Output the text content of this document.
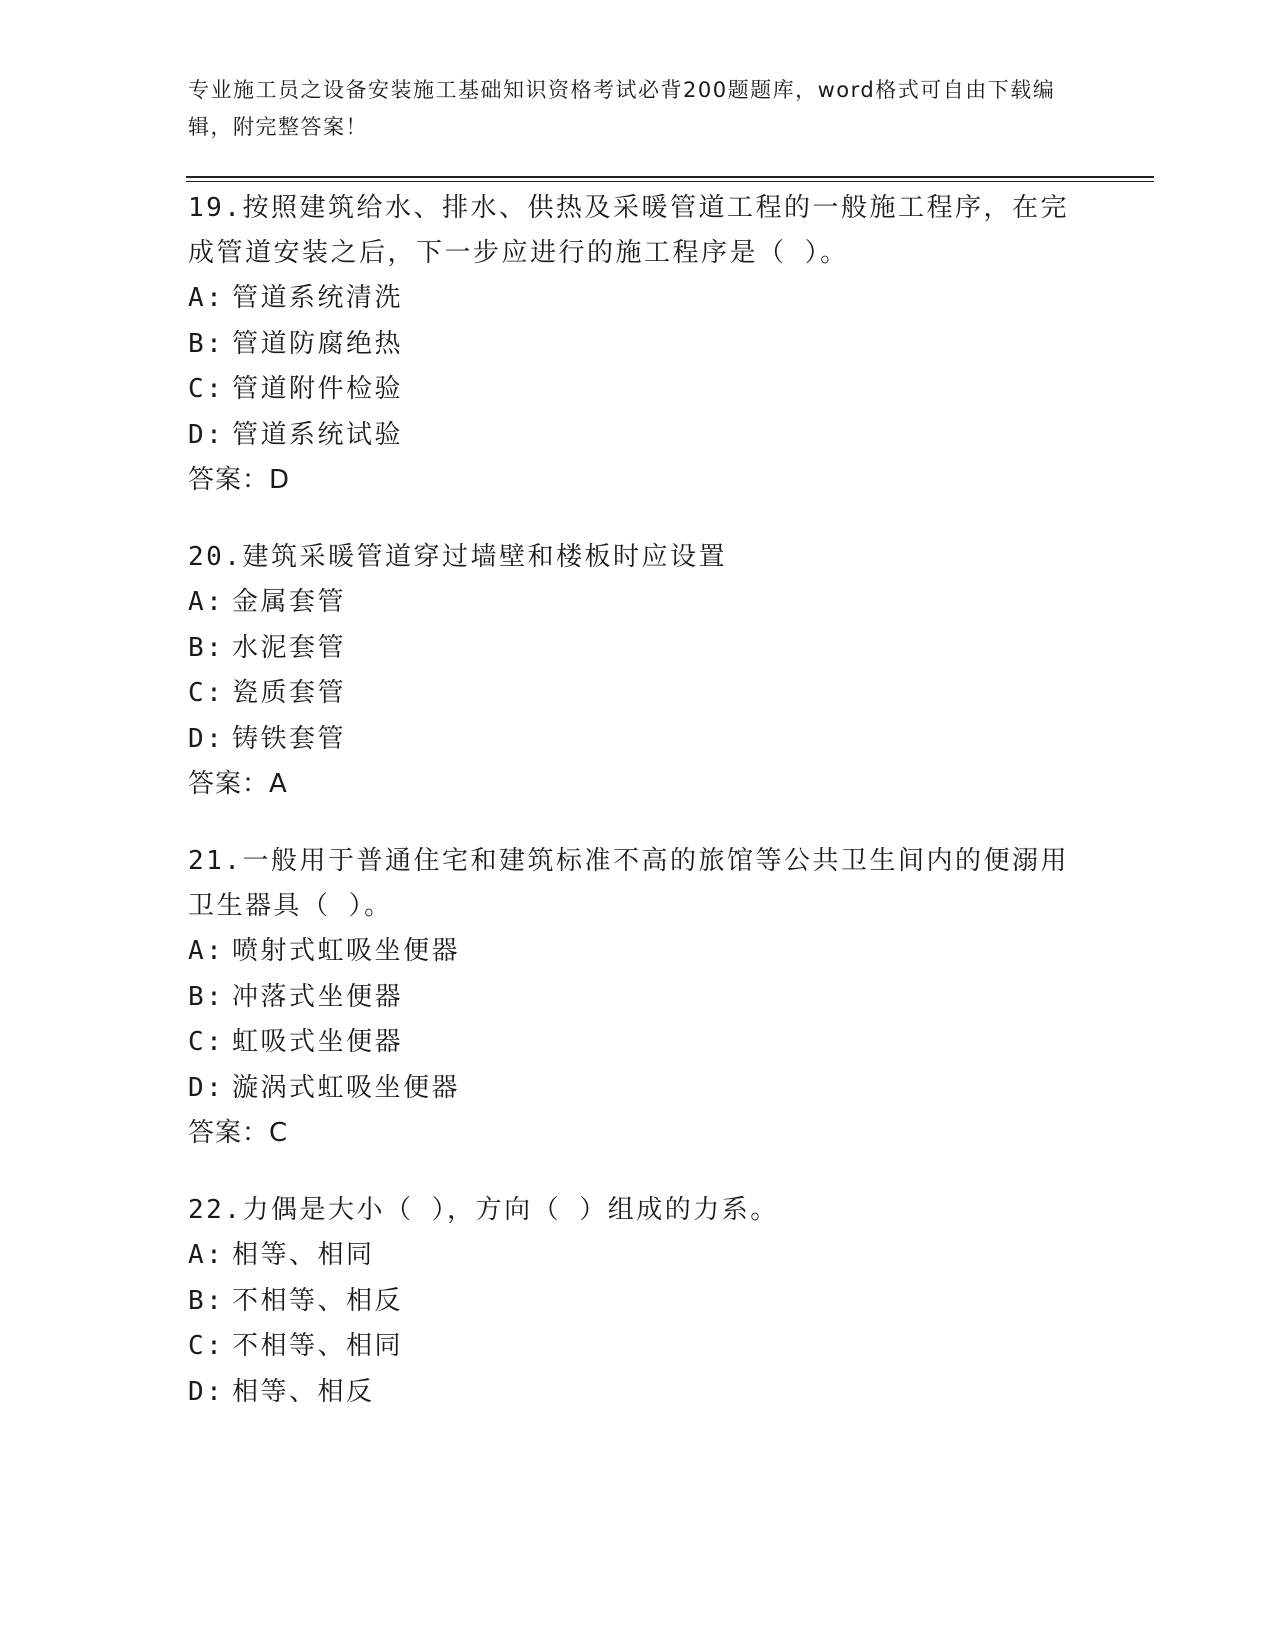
专业施工员之设备安装施工基础知识资格考试必背200题题库，word格式可自由下载编辑，附完整答案！
19.按照建筑给水、排水、供热及采暖管道工程的一般施工程序，在完成管道安装之后，下一步应进行的施工程序是（ ）。
A: 管道系统清洗
B: 管道防腐绝热
C: 管道附件检验
D: 管道系统试验
答案：D
20.建筑采暖管道穿过墙壁和楼板时应设置
A: 金属套管
B: 水泥套管
C: 瓷质套管
D: 铸铁套管
答案：A
21.一般用于普通住宅和建筑标准不高的旅馆等公共卫生间内的便溺用卫生器具（ ）。
A: 喷射式虹吸坐便器
B: 冲落式坐便器
C: 虹吸式坐便器
D: 漩涡式虹吸坐便器
答案：C
22.力偶是大小（ ），方向（ ）组成的力系。
A: 相等、相同
B: 不相等、相反
C: 不相等、相同
D: 相等、相反
